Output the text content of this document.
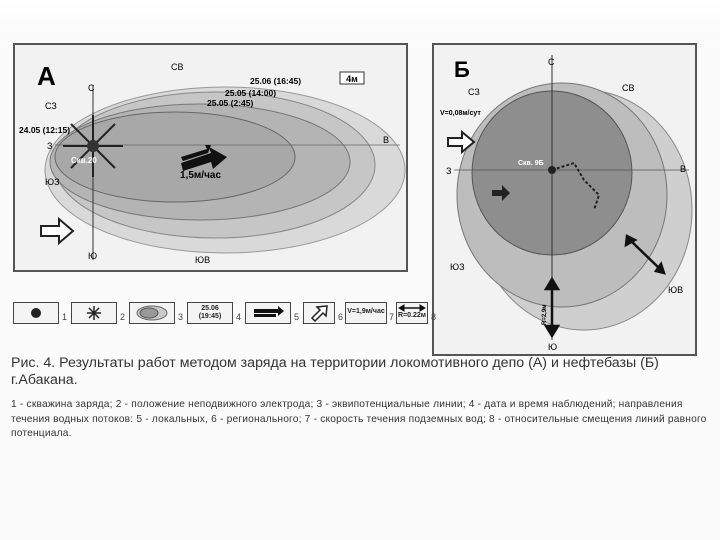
4м
А	С
СВ
СЗ
З
В
ЮЗ
Ю	ЮВ
25.06 (16:45)
25.05 (14:00)
25.05 (2:45)
24.05 (12:15)
Скв.20
1,5м/час
Б	С
СВ
СЗ
З	В
ЮЗ
Ю
ЮВ
V=0,08м/сут
Скв. 9Б
R=2,9м
1	2	3
25.06
(19:45)	4	5	6
V=1,9м/час
7 R=0.22м 8
Рис. 4. Результаты работ методом заряда на территории локомотивного депо (А) и нефтебазы (Б) г.Абакана.
1 - скважина заряда; 2 - положение неподвижного электрода; 3 - эквипотенциальные линии; 4 - дата и время наблюдений; направления течения водных потоков: 5 - локальных, 6 - регионального; 7 - скорость течения подземных вод; 8 - относительные смещения линий равного потенциала.
